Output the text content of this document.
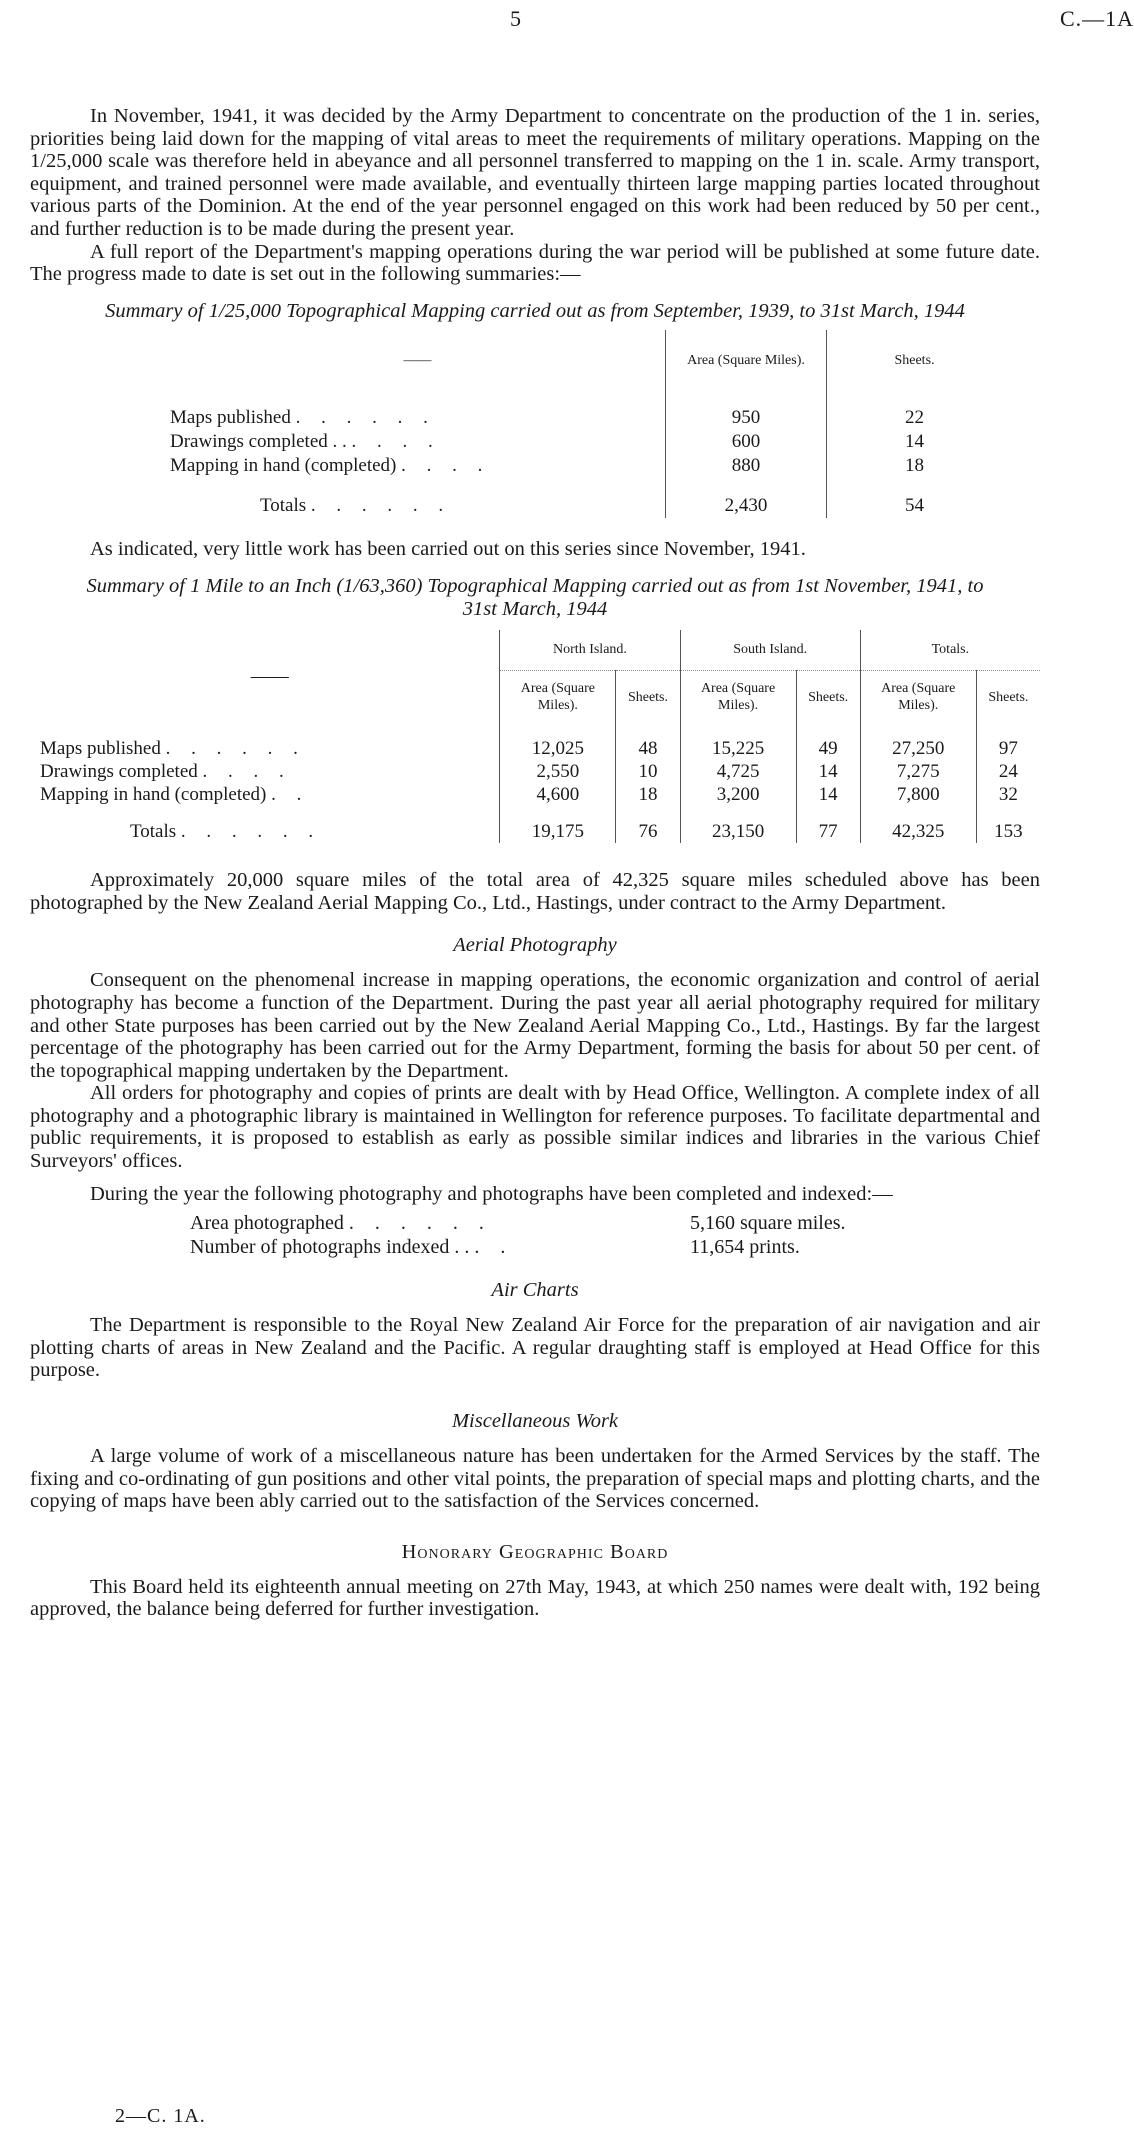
5	C.—1A

In November, 1941, it was decided by the Army Department to concentrate on the production of the 1 in. series, priorities being laid down for the mapping of vital areas to meet the requirements of military operations. Mapping on the 1/25,000 scale was therefore held in abeyance and all personnel transferred to mapping on the 1 in. scale. Army transport, equipment, and trained personnel were made available, and eventually thirteen large mapping parties located throughout various parts of the Dominion. At the end of the year personnel engaged on this work had been reduced by 50 per cent., and further reduction is to be made during the present year.

A full report of the Department's mapping operations during the war period will be published at some future date. The progress made to date is set out in the following summaries:—

Summary of 1/25,000 Topographical Mapping carried out as from September, 1939, to 31st March, 1944
——	Area (Square Miles).	Sheets.

Maps published . . . . . .	950	22
Drawings completed . . . . . .	600	14
Mapping in hand (completed) . . . .	880	18

Totals . . . . . .	2,430	54

As indicated, very little work has been carried out on this series since November, 1941.

Summary of 1 Mile to an Inch (1/63,360) Topographical Mapping carried out as from 1st November, 1941, to 31st March, 1944
——	North Island.		South Island.		Totals.	
	Area (Square Miles).	Sheets.	Area (Square Miles).	Sheets.	Area (Square Miles).	Sheets.

Maps published . . . . . .	12,025	48	15,225	49	27,250	97
Drawings completed . . . .	2,550	10	4,725	14	7,275	24
Mapping in hand (completed) . .	4,600	18	3,200	14	7,800	32

Totals . . . . . .	19,175	76	23,150	77	42,325	153

Approximately 20,000 square miles of the total area of 42,325 square miles scheduled above has been photographed by the New Zealand Aerial Mapping Co., Ltd., Hastings, under contract to the Army Department.

Aerial Photography

Consequent on the phenomenal increase in mapping operations, the economic organization and control of aerial photography has become a function of the Department. During the past year all aerial photography required for military and other State purposes has been carried out by the New Zealand Aerial Mapping Co., Ltd., Hastings. By far the largest percentage of the photography has been carried out for the Army Department, forming the basis for about 50 per cent. of the topographical mapping undertaken by the Department.

All orders for photography and copies of prints are dealt with by Head Office, Wellington. A complete index of all photography and a photographic library is maintained in Wellington for reference purposes. To facilitate departmental and public requirements, it is proposed to establish as early as possible similar indices and libraries in the various Chief Surveyors' offices.

During the year the following photography and photographs have been completed and indexed:—

Area photographed . . . . . .	5,160 square miles.
Number of photographs indexed . . . .	11,654 prints.
Air Charts

The Department is responsible to the Royal New Zealand Air Force for the preparation of air navigation and air plotting charts of areas in New Zealand and the Pacific. A regular draughting staff is employed at Head Office for this purpose.

Miscellaneous Work

A large volume of work of a miscellaneous nature has been undertaken for the Armed Services by the staff. The fixing and co-ordinating of gun positions and other vital points, the preparation of special maps and plotting charts, and the copying of maps have been ably carried out to the satisfaction of the Services concerned.

Honorary Geographic Board

This Board held its eighteenth annual meeting on 27th May, 1943, at which 250 names were dealt with, 192 being approved, the balance being deferred for further investigation.

2—C. 1A.
